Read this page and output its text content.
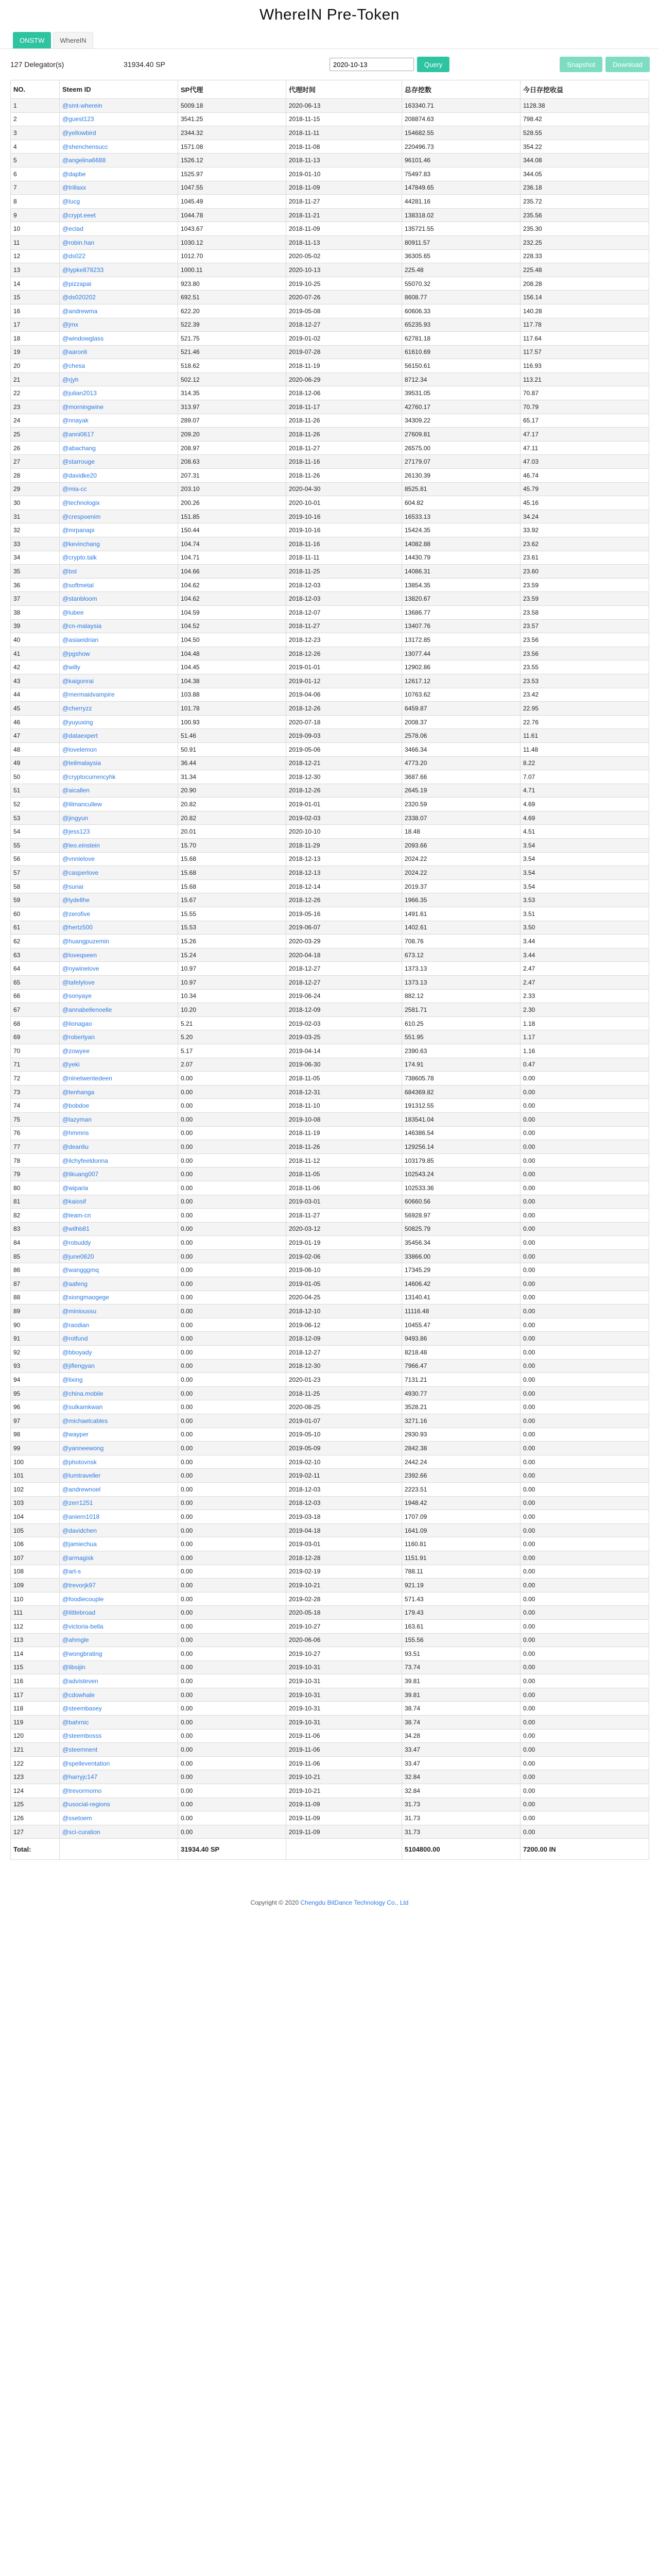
WhereIN Pre-Token
ONSTW	WhereIN
127 Delegator(s)	31934.40 SP
2020-10-13	Query	Snapshot	Download
NO.	Steem ID	SP代理	代理时间	总存挖数	今日存挖收益
1	@smt-wherein	5009.18	2020-06-13	163340.71	1128.38
2	@guest123	3541.25	2018-11-15	208874.63	798.42
3	@yellowbird	2344.32	2018-11-11	154682.55	528.55
4	@shenchensucc	1571.08	2018-11-08	220496.73	354.22
5	@angelina6688	1526.12	2018-11-13	96101.46	344.08
6	@dapbe	1525.97	2019-01-10	75497.83	344.05
7	@trillaxx	1047.55	2018-11-09	147849.65	236.18
8	@lucg	1045.49	2018-11-27	44281.16	235.72
9	@crypt.eeet	1044.78	2018-11-21	138318.02	235.56
10	@eclad	1043.67	2018-11-09	135721.55	235.30
11	@robin.han	1030.12	2018-11-13	80911.57	232.25
12	@ds022	1012.70	2020-05-02	36305.65	228.33
13	@lypke878233	1000.11	2020-10-13	225.48	225.48
14	@pizzapai	923.80	2019-10-25	55070.32	208.28
15	@ds020202	692.51	2020-07-26	8608.77	156.14
16	@andrewma	622.20	2019-05-08	60606.33	140.28
17	@jmx	522.39	2018-12-27	65235.93	117.78
18	@windowglass	521.75	2019-01-02	62781.18	117.64
19	@aaronli	521.46	2019-07-28	61610.69	117.57
20	@chesa	518.62	2018-11-19	56150.61	116.93
21	@rjyh	502.12	2020-06-29	8712.34	113.21
22	@julian2013	314.35	2018-12-06	39531.05	70.87
23	@morningwine	313.97	2018-11-17	42760.17	70.79
24	@nnayak	289.07	2018-11-26	34309.22	65.17
25	@anni0617	209.20	2018-11-26	27609.81	47.17
26	@abachang	208.97	2018-11-27	26575.00	47.11
27	@starrouge	208.63	2018-11-16	27179.07	47.03
28	@davidke20	207.31	2018-11-26	26130.39	46.74
29	@mia-cc	203.10	2020-04-30	8525.81	45.79
30	@technologix	200.26	2020-10-01	604.82	45.16
31	@crespoenim	151.85	2019-10-16	16533.13	34.24
32	@mrpanapi	150.44	2019-10-16	15424.35	33.92
33	@kevinchang	104.74	2018-11-16	14082.88	23.62
34	@crypto.talk	104.71	2018-11-11	14430.79	23.61
35	@bst	104.66	2018-11-25	14086.31	23.60
36	@softmetal	104.62	2018-12-03	13854.35	23.59
37	@stanbloom	104.62	2018-12-03	13820.67	23.59
38	@lubee	104.59	2018-12-07	13686.77	23.58
39	@cn-malaysia	104.52	2018-11-27	13407.76	23.57
40	@asiaeidrian	104.50	2018-12-23	13172.85	23.56
41	@pgshow	104.48	2018-12-26	13077.44	23.56
42	@willy	104.45	2019-01-01	12902.86	23.55
43	@kaigonrai	104.38	2019-01-12	12617.12	23.53
44	@mermaidvampire	103.88	2019-04-06	10763.62	23.42
45	@cherryzz	101.78	2018-12-26	6459.87	22.95
46	@yuyuxing	100.93	2020-07-18	2008.37	22.76
47	@dataexpert	51.46	2019-09-03	2578.06	11.61
48	@lovelemon	50.91	2019-05-06	3466.34	11.48
49	@teilmalaysia	36.44	2018-12-21	4773.20	8.22
50	@cryptocurrencyhk	31.34	2018-12-30	3687.66	7.07
51	@aicallen	20.90	2018-12-26	2645.19	4.71
52	@lilmancullew	20.82	2019-01-01	2320.59	4.69
53	@jingyun	20.82	2019-02-03	2338.07	4.69
54	@jess123	20.01	2020-10-10	18.48	4.51
55	@leo.einstein	15.70	2018-11-29	2093.66	3.54
56	@vnnielove	15.68	2018-12-13	2024.22	3.54
57	@casperlove	15.68	2018-12-13	2024.22	3.54
58	@sunai	15.68	2018-12-14	2019.37	3.54
59	@lydellhe	15.67	2018-12-26	1966.35	3.53
60	@zerofive	15.55	2019-05-16	1491.61	3.51
61	@hertz500	15.53	2019-06-07	1402.61	3.50
62	@huangpuzemin	15.26	2020-03-29	708.76	3.44
63	@loveqseen	15.24	2020-04-18	673.12	3.44
64	@nywinelove	10.97	2018-12-27	1373.13	2.47
65	@tafelylove	10.97	2018-12-27	1373.13	2.47
66	@sonyaye	10.34	2019-06-24	882.12	2.33
67	@annabellenoelle	10.20	2018-12-09	2581.71	2.30
68	@lionagao	5.21	2019-02-03	610.25	1.18
69	@robertyan	5.20	2019-03-25	551.95	1.17
70	@zowyee	5.17	2019-04-14	2390.63	1.16
71	@yeki	2.07	2019-06-30	174.91	0.47
72	@ninetwentedeen	0.00	2018-11-05	738605.78	0.00
73	@tenhanga	0.00	2018-12-31	684369.82	0.00
74	@bobdoe	0.00	2018-11-10	191312.55	0.00
75	@lazyman	0.00	2019-10-08	183541.04	0.00
76	@hmmns	0.00	2018-11-19	146386.54	0.00
77	@deanliu	0.00	2018-11-26	129256.14	0.00
78	@ilchyfeeldonna	0.00	2018-11-12	103179.85	0.00
79	@likuang007	0.00	2018-11-05	102543.24	0.00
80	@wiparia	0.00	2018-11-06	102533.36	0.00
81	@kaiosif	0.00	2019-03-01	60660.56	0.00
82	@team-cn	0.00	2018-11-27	56928.97	0.00
83	@wilhb81	0.00	2020-03-12	50825.79	0.00
84	@robuddy	0.00	2019-01-19	35456.34	0.00
85	@june0620	0.00	2019-02-06	33866.00	0.00
86	@wangggmq	0.00	2019-06-10	17345.29	0.00
87	@aafeng	0.00	2019-01-05	14606.42	0.00
88	@xiongmaogege	0.00	2020-04-25	13140.41	0.00
89	@minioussu	0.00	2018-12-10	11116.48	0.00
90	@raodian	0.00	2019-06-12	10455.47	0.00
91	@rotfund	0.00	2018-12-09	9493.86	0.00
92	@bboyady	0.00	2018-12-27	8218.48	0.00
93	@jiflengyan	0.00	2018-12-30	7966.47	0.00
94	@lixing	0.00	2020-01-23	7131.21	0.00
95	@china.mobile	0.00	2018-11-25	4930.77	0.00
96	@sulkamkwan	0.00	2020-08-25	3528.21	0.00
97	@michaelcables	0.00	2019-01-07	3271.16	0.00
98	@wayper	0.00	2019-05-10	2930.93	0.00
99	@yanneewong	0.00	2019-05-09	2842.38	0.00
100	@photovnsk	0.00	2019-02-10	2442.24	0.00
101	@lumtraveller	0.00	2019-02-11	2392.66	0.00
102	@andrewnoel	0.00	2018-12-03	2223.51	0.00
103	@zerr1251	0.00	2018-12-03	1948.42	0.00
104	@aniern1018	0.00	2019-03-18	1707.09	0.00
105	@davidchen	0.00	2019-04-18	1641.09	0.00
106	@jamiechua	0.00	2019-03-01	1160.81	0.00
107	@armagisk	0.00	2018-12-28	1151.91	0.00
108	@art-s	0.00	2019-02-19	788.11	0.00
109	@trevorjk97	0.00	2019-10-21	921.19	0.00
110	@foodiecouple	0.00	2019-02-28	571.43	0.00
111	@littlebroad	0.00	2020-05-18	179.43	0.00
112	@victoria-bella	0.00	2019-10-27	163.61	0.00
113	@ahmgle	0.00	2020-06-06	155.56	0.00
114	@wongbrating	0.00	2019-10-27	93.51	0.00
115	@libsijin	0.00	2019-10-31	73.74	0.00
116	@advisteven	0.00	2019-10-31	39.81	0.00
117	@cdowhale	0.00	2019-10-31	39.81	0.00
118	@steembasey	0.00	2019-10-31	38.74	0.00
119	@bahrnic	0.00	2019-10-31	38.74	0.00
120	@steembosss	0.00	2019-11-06	34.28	0.00
121	@steemnent	0.00	2019-11-06	33.47	0.00
122	@spelleventation	0.00	2019-11-06	33.47	0.00
123	@harryjc147	0.00	2019-10-21	32.84	0.00
124	@trevormomo	0.00	2019-10-21	32.84	0.00
125	@usocial-regions	0.00	2019-11-09	31.73	0.00
126	@ssetoem	0.00	2019-11-09	31.73	0.00
127	@sci-curation	0.00	2019-11-09	31.73	0.00
Total:		31934.40 SP		5104800.00	7200.00 IN
Copyright © 2020
Chengdu BitDance Technology Co., Ltd
